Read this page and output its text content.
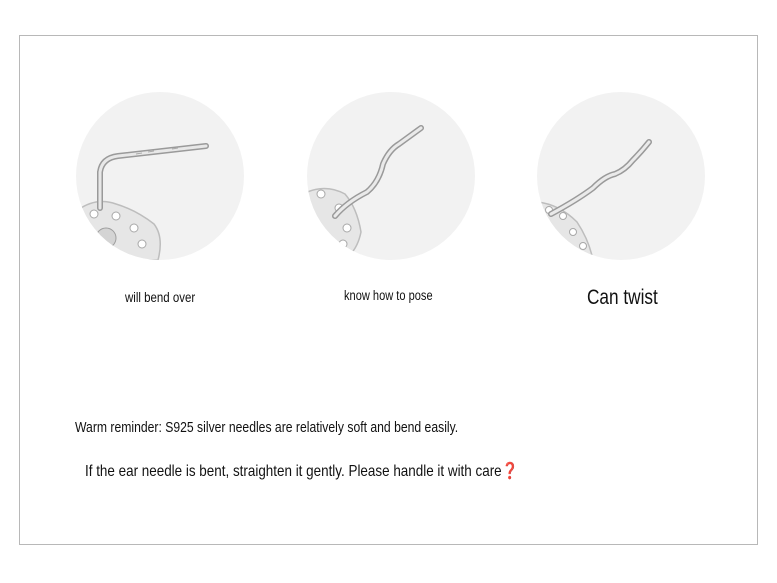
will bend over	know how to pose	Can twist
Warm reminder: S925 silver needles are relatively soft and bend easily.
If the ear needle is bent, straighten it gently. Please handle it with care❓
